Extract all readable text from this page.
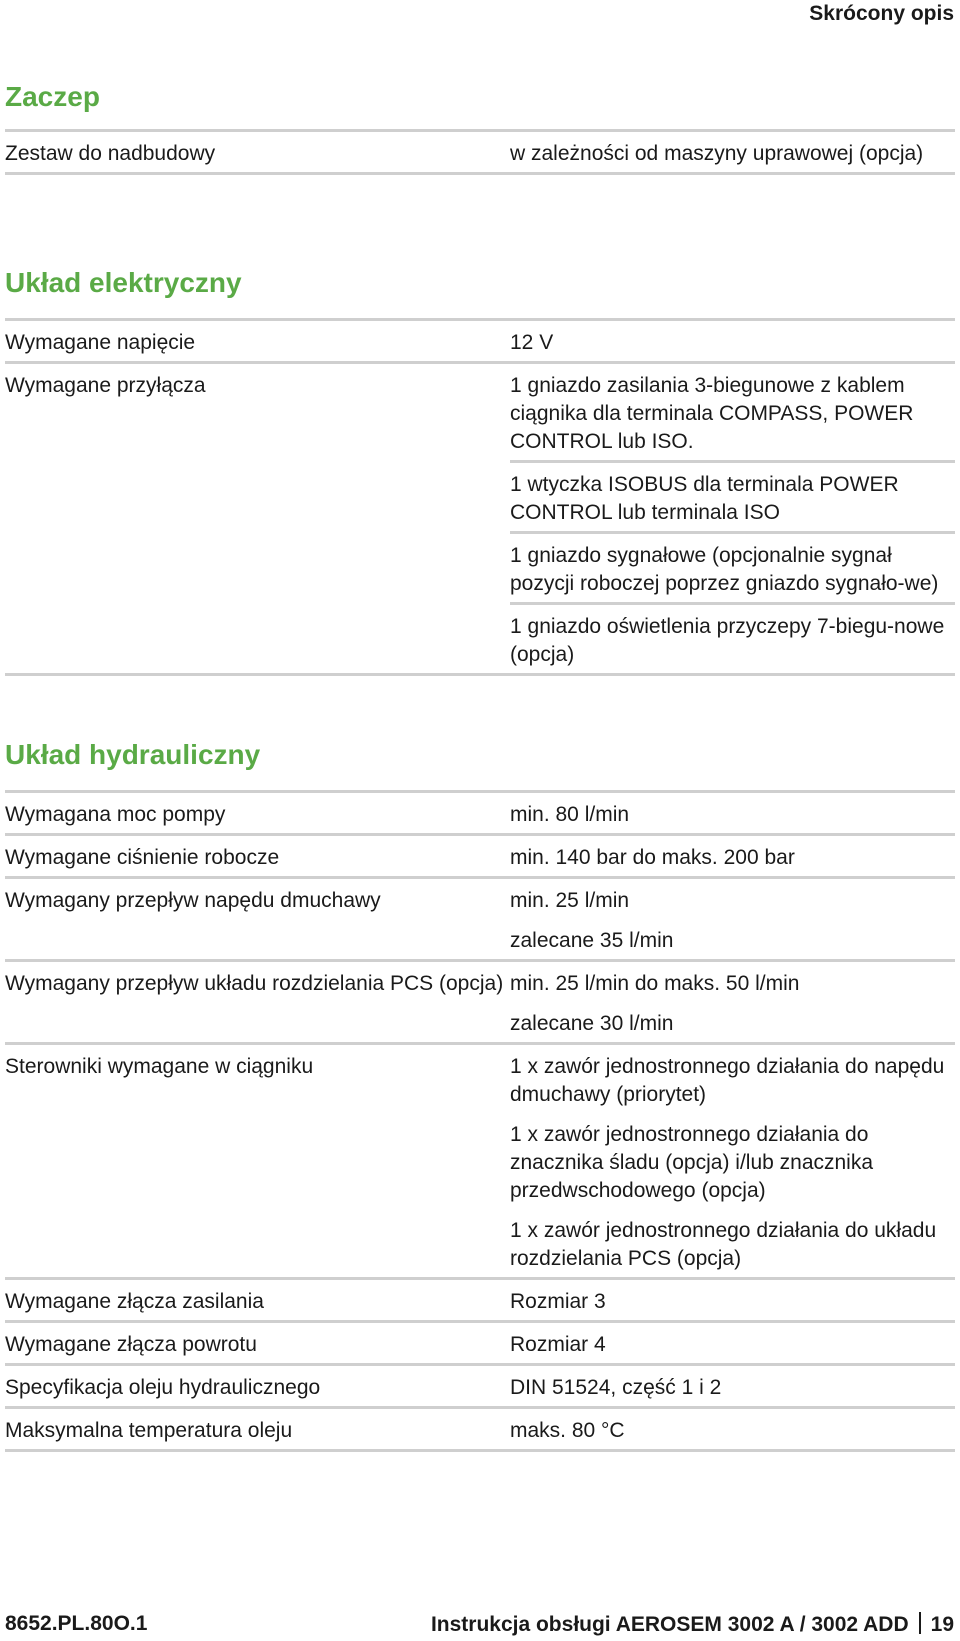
Skrócony opis
Zaczep
Zestaw do nadbudowy	w zależności od maszyny uprawowej (opcja)
Układ elektryczny
Wymagane napięcie	12 V
Wymagane przyłącza	1 gniazdo zasilania 3-biegunowe z kablem ciągnika dla terminala COMPASS, POWER CONTROL lub ISO.
1 wtyczka ISOBUS dla terminala POWER CONTROL lub terminala ISO
1 gniazdo sygnałowe (opcjonalnie sygnał pozycji roboczej poprzez gniazdo sygnało-we)
1 gniazdo oświetlenia przyczepy 7-biegu-nowe (opcja)
Układ hydrauliczny
Wymagana moc pompy	min. 80 l/min
Wymagane ciśnienie robocze	min. 140 bar do maks. 200 bar
Wymagany przepływ napędu dmuchawy	min. 25 l/min
zalecane 35 l/min
Wymagany przepływ układu rozdzielania PCS (opcja) min. 25 l/min do maks. 50 l/min
zalecane 30 l/min
Sterowniki wymagane w ciągniku	1 x zawór jednostronnego działania do napędu dmuchawy (priorytet)
1 x zawór jednostronnego działania do znacznika śladu (opcja) i/lub znacznika przedwschodowego (opcja)
1 x zawór jednostronnego działania do układu rozdzielania PCS (opcja)
Wymagane złącza zasilania	Rozmiar 3
Wymagane złącza powrotu	Rozmiar 4
Specyfikacja oleju hydraulicznego	DIN 51524, część 1 i 2
Maksymalna temperatura oleju	maks. 80 °C
8652.PL.80O.1	Instrukcja obsługi AEROSEM 3002 A / 3002 ADD 19
